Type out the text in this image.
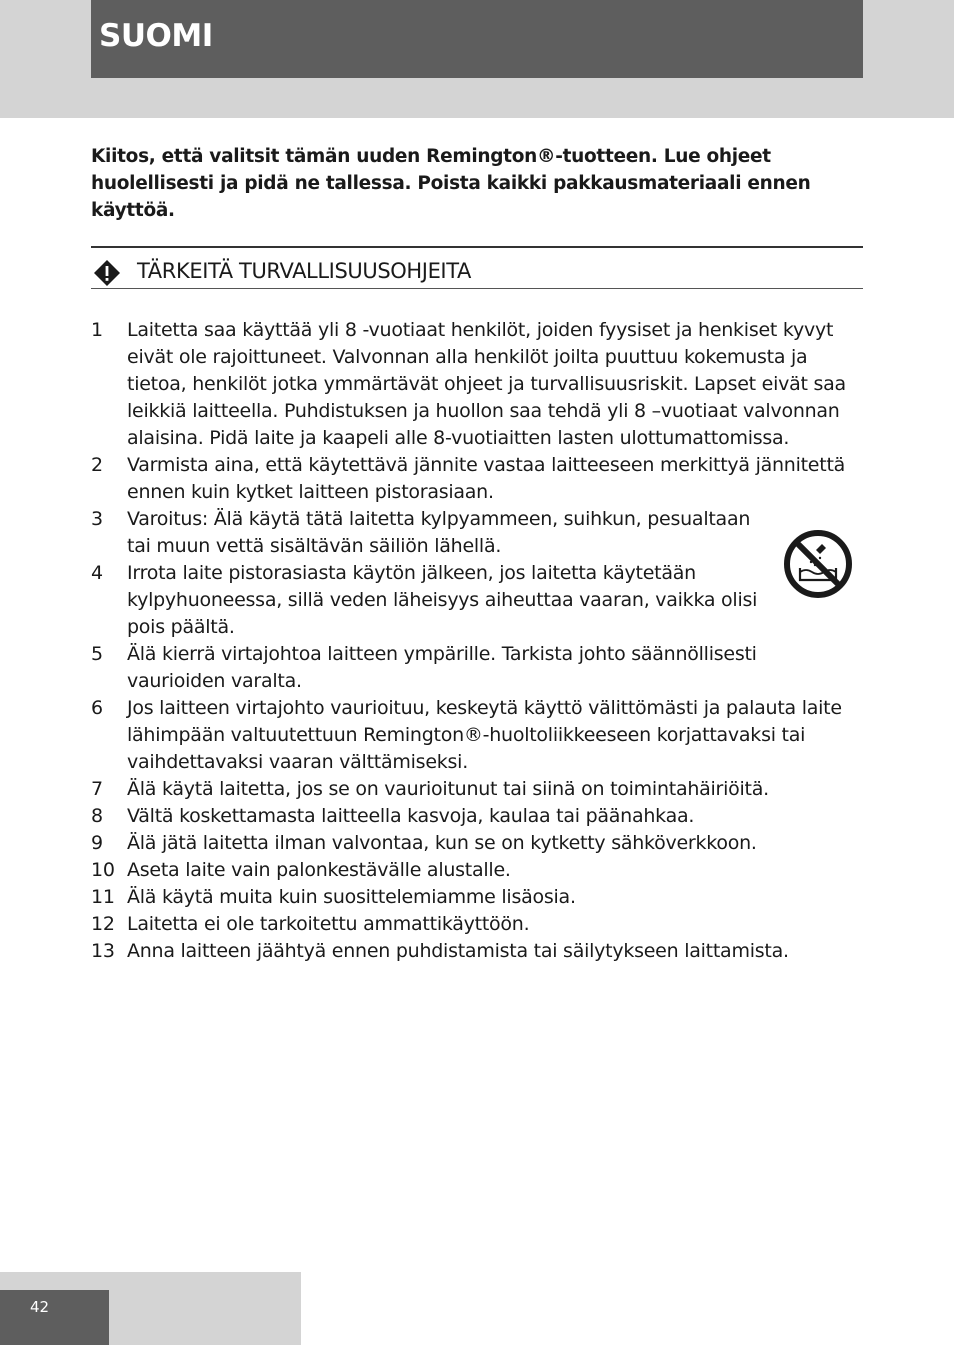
SUOMI
Kiitos, että valitsit tämän uuden Remington®-tuotteen. Lue ohjeet huolellisesti ja pidä ne tallessa. Poista kaikki pakkausmateriaali ennen käyttöä.
TÄRKEITÄ TURVALLISUUSOHJEITA
1	Laitetta saa käyttää yli 8 -vuotiaat henkilöt, joiden fyysiset ja henkiset kyvyt eivät ole rajoittuneet. Valvonnan alla henkilöt joilta puuttuu kokemusta ja tietoa, henkilöt jotka ymmärtävät ohjeet ja turvallisuusriskit. Lapset eivät saa leikkiä laitteella. Puhdistuksen ja huollon saa tehdä yli 8 –vuotiaat valvonnan alaisina. Pidä laite ja kaapeli alle 8-vuotiaitten lasten ulottumattomissa.
2	Varmista aina, että käytettävä jännite vastaa laitteeseen merkittyä jännitettä ennen kuin kytket laitteen pistorasiaan.
3	Varoitus: Älä käytä tätä laitetta kylpyammeen, suihkun, pesualtaan tai muun vettä sisältävän säiliön lähellä.
4	Irrota laite pistorasiasta käytön jälkeen, jos laitetta käytetään kylpyhuoneessa, sillä veden läheisyys aiheuttaa vaaran, vaikka olisi pois päältä.
5	Älä kierrä virtajohtoa laitteen ympärille. Tarkista johto säännöllisesti vaurioiden varalta.
6	Jos laitteen virtajohto vaurioituu, keskeytä käyttö välittömästi ja palauta laite lähimpään valtuutettuun Remington®-huoltoliikkeeseen korjattavaksi tai vaihdettavaksi vaaran välttämiseksi.
7	Älä käytä laitetta, jos se on vaurioitunut tai siinä on toimintahäiriöitä.
8	Vältä koskettamasta laitteella kasvoja, kaulaa tai päänahkaa.
9	Älä jätä laitetta ilman valvontaa, kun se on kytketty sähköverkkoon.
10 Aseta laite vain palonkestävälle alustalle.
11 Älä käytä muita kuin suosittelemiamme lisäosia.
12 Laitetta ei ole tarkoitettu ammattikäyttöön.
13 Anna laitteen jäähtyä ennen puhdistamista tai säilytykseen laittamista.
42
